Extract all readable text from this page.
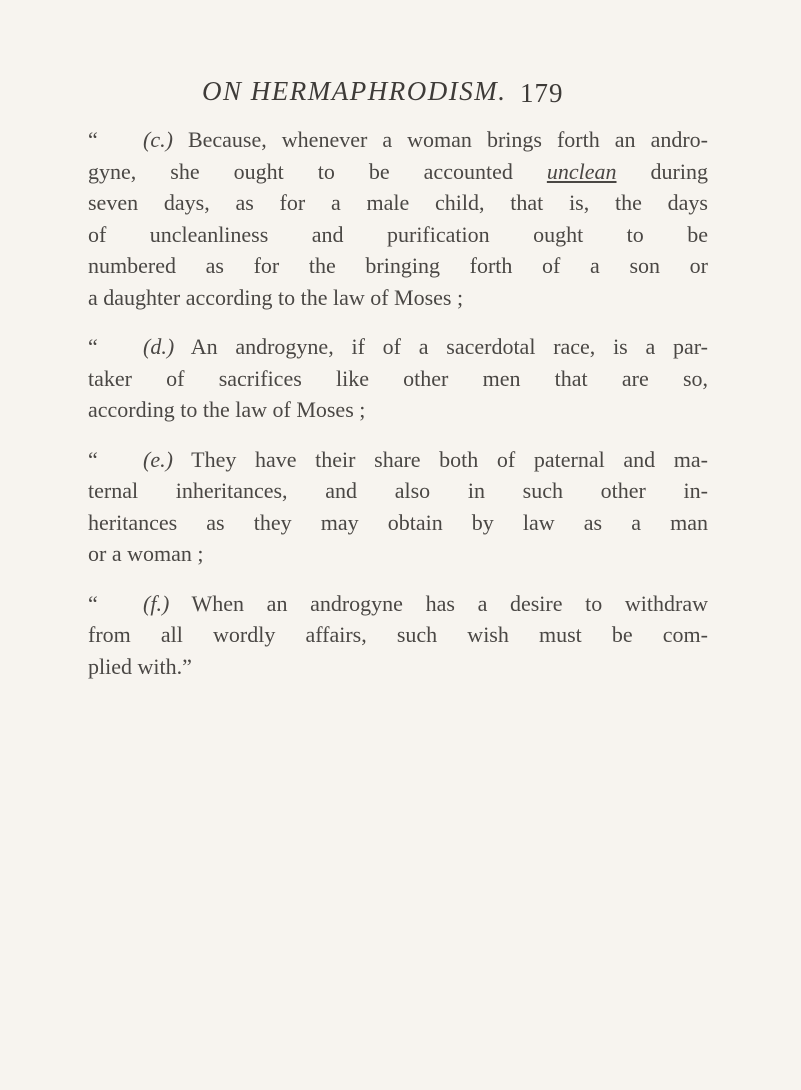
ON HERMAPHRODISM. 179
“	(c.) Because, whenever a woman brings forth an andro-
gyne, she ought to be accounted unclean during
seven days, as for a male child, that is, the days
of uncleanliness and purification ought to be
numbered as for the bringing forth of a son or
a daughter according to the law of Moses ;
“	(d.) An androgyne, if of a sacerdotal race, is a par-
taker of sacrifices like other men that are so,
according to the law of Moses ;
“	(e.) They have their share both of paternal and ma-
ternal inheritances, and also in such other in-
heritances as they may obtain by law as a man
or a woman ;
“	(f.) When an androgyne has a desire to withdraw
from all wordly affairs, such wish must be com-
plied with.”
